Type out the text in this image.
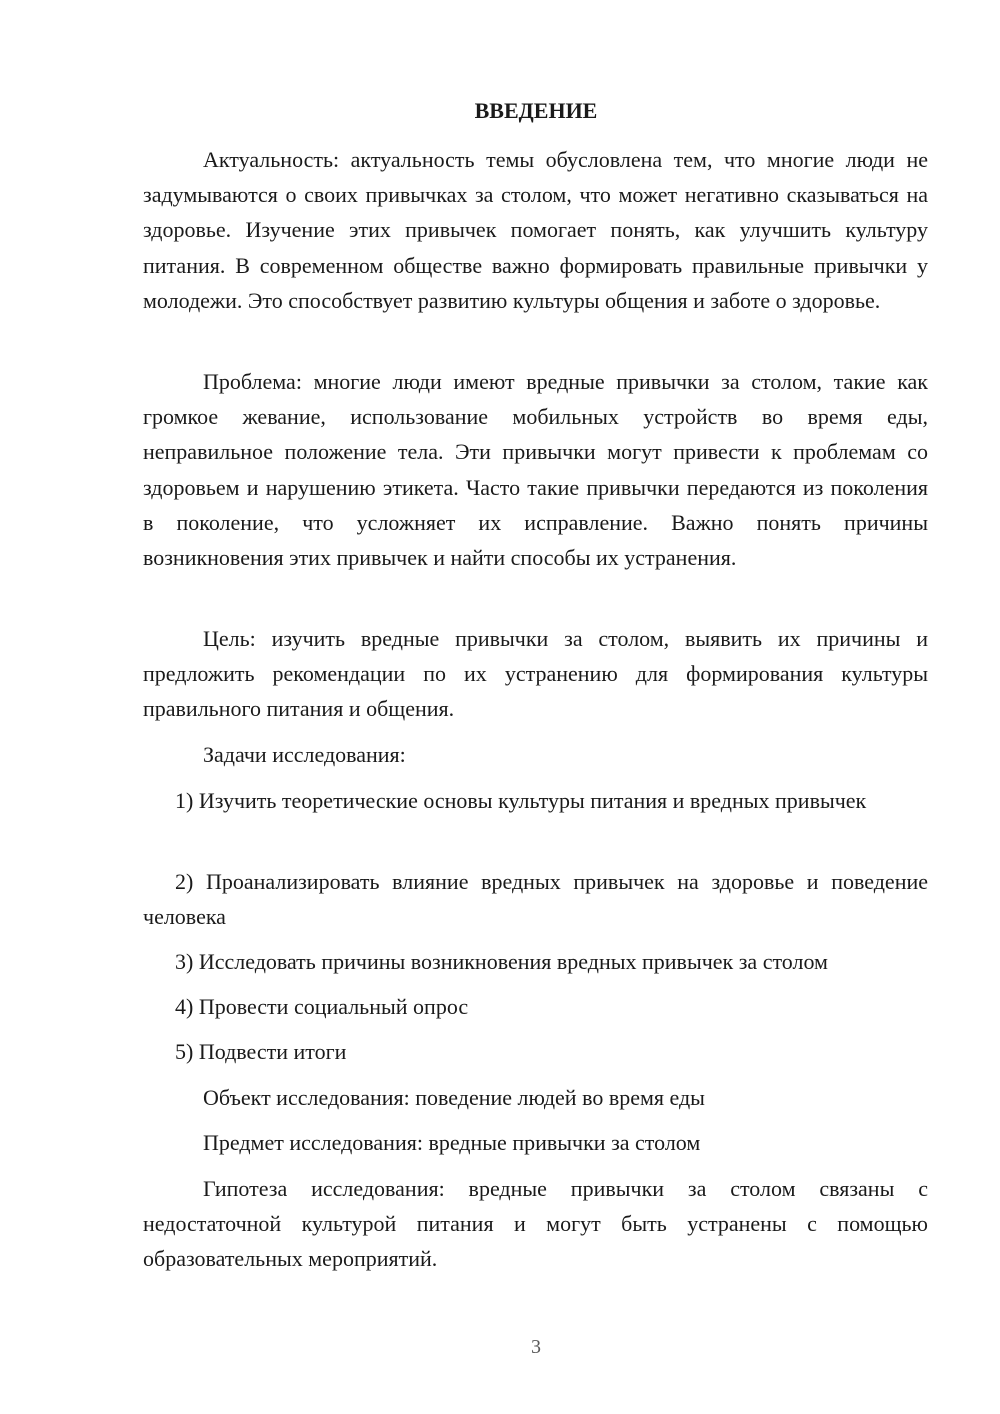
ВВЕДЕНИЕ

Актуальность: актуальность темы обусловлена тем, что многие люди не задумываются о своих привычках за столом, что может негативно сказываться на здоровье. Изучение этих привычек помогает понять, как улучшить культуру питания. В современном обществе важно формировать правильные привычки у молодежи. Это способствует развитию культуры общения и заботе о здоровье.

Проблема: многие люди имеют вредные привычки за столом, такие как громкое жевание, использование мобильных устройств во время еды, неправильное положение тела. Эти привычки могут привести к проблемам со здоровьем и нарушению этикета. Часто такие привычки передаются из поколения в поколение, что усложняет их исправление. Важно понять причины возникновения этих привычек и найти способы их устранения.

Цель: изучить вредные привычки за столом, выявить их причины и предложить рекомендации по их устранению для формирования культуры правильного питания и общения.

Задачи исследования:

1) Изучить теоретические основы культуры питания и вредных привычек

2) Проанализировать влияние вредных привычек на здоровье и поведение человека

3) Исследовать причины возникновения вредных привычек за столом

4) Провести социальный опрос

5) Подвести итоги

Объект исследования: поведение людей во время еды

Предмет исследования: вредные привычки за столом

Гипотеза исследования: вредные привычки за столом связаны с недостаточной культурой питания и могут быть устранены с помощью образовательных мероприятий.

3
